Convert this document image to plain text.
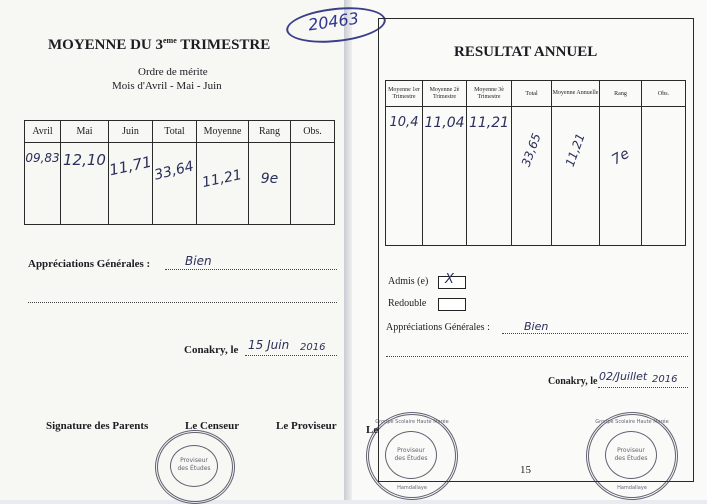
MOYENNE DU 3eme TRIMESTRE
Ordre de mérite
Mois d'Avril - Mai - Juin
Avril	Mai	Juin	Total	Moyenne	Rang	Obs.
09,83	12,10	11,71	33,64	11,21	9e	
Appréciations Générales :	Bien
Conakry, le 15 Juin 2016
Signature des Parents	Le Censeur	Le Proviseur
Proviseur
des Études
20463
RESULTAT ANNUEL
Moyenne 1er Trimestre	Moyenne 2è Trimestre	Moyenne 3è Trimestre	Total	Moyenne Annuelle	Rang	Obs.
10,4	11,04	11,21	33,65	11,21	7e	
Admis (e) X
Redouble
Appréciations Générales :	Bien
Conakry, le 02/Juillet 2016
Le
Groupe Scolaire Haute Marée
Proviseur
des Études
Hamdallaye
Groupe Scolaire Haute Marée
Proviseur
des Études
Hamdallaye
15
